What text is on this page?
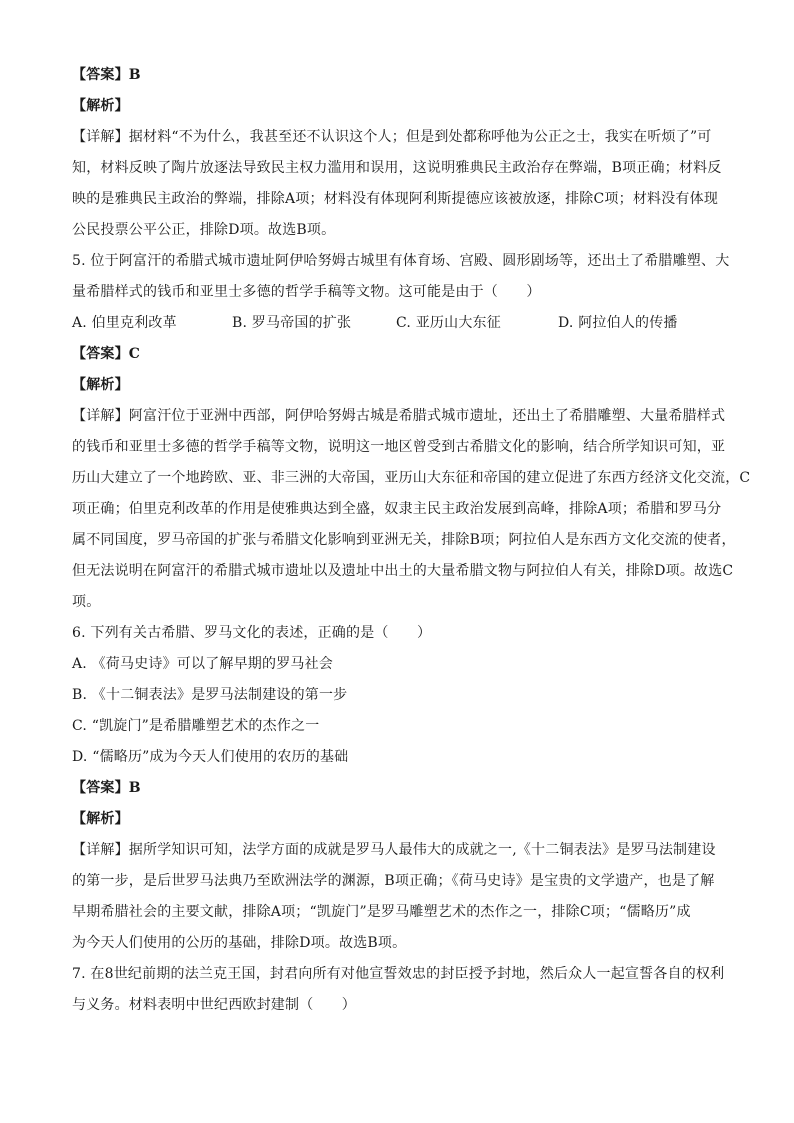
【答案】B
【解析】
【详解】据材料“不为什么，我甚至还不认识这个人；但是到处都称呼他为公正之士，我实在听烦了”可
知，材料反映了陶片放逐法导致民主权力滥用和误用，这说明雅典民主政治存在弊端，B项正确；材料反
映的是雅典民主政治的弊端，排除A项；材料没有体现阿利斯提德应该被放逐，排除C项；材料没有体现
公民投票公平公正，排除D项。故选B项。
5. 位于阿富汗的希腊式城市遗址阿伊哈努姆古城里有体育场、宫殿、圆形剧场等，还出土了希腊雕塑、大
量希腊样式的钱币和亚里士多德的哲学手稿等文物。这可能是由于（　　）
A. 伯里克利改革	B. 罗马帝国的扩张	C. 亚历山大东征	D. 阿拉伯人的传播
【答案】C
【解析】
【详解】阿富汗位于亚洲中西部，阿伊哈努姆古城是希腊式城市遗址，还出土了希腊雕塑、大量希腊样式
的钱币和亚里士多德的哲学手稿等文物，说明这一地区曾受到古希腊文化的影响，结合所学知识可知，亚
历山大建立了一个地跨欧、亚、非三洲的大帝国，亚历山大东征和帝国的建立促进了东西方经济文化交流，C
项正确；伯里克利改革的作用是使雅典达到全盛，奴隶主民主政治发展到高峰，排除A项；希腊和罗马分
属不同国度，罗马帝国的扩张与希腊文化影响到亚洲无关，排除B项；阿拉伯人是东西方文化交流的使者，
但无法说明在阿富汗的希腊式城市遗址以及遗址中出土的大量希腊文物与阿拉伯人有关，排除D项。故选C
项。
6. 下列有关古希腊、罗马文化的表述，正确的是（　　）
A. 《荷马史诗》可以了解早期的罗马社会
B. 《十二铜表法》是罗马法制建设的第一步
C. “凯旋门”是希腊雕塑艺术的杰作之一
D. “儒略历”成为今天人们使用的农历的基础
【答案】B
【解析】
【详解】据所学知识可知，法学方面的成就是罗马人最伟大的成就之一,《十二铜表法》是罗马法制建设
的第一步，是后世罗马法典乃至欧洲法学的渊源，B项正确；《荷马史诗》是宝贵的文学遗产，也是了解
早期希腊社会的主要文献，排除A项；“凯旋门”是罗马雕塑艺术的杰作之一，排除C项；“儒略历”成
为今天人们使用的公历的基础，排除D项。故选B项。
7. 在8世纪前期的法兰克王国，封君向所有对他宣誓效忠的封臣授予封地，然后众人一起宣誓各自的权利
与义务。材料表明中世纪西欧封建制（　　）
